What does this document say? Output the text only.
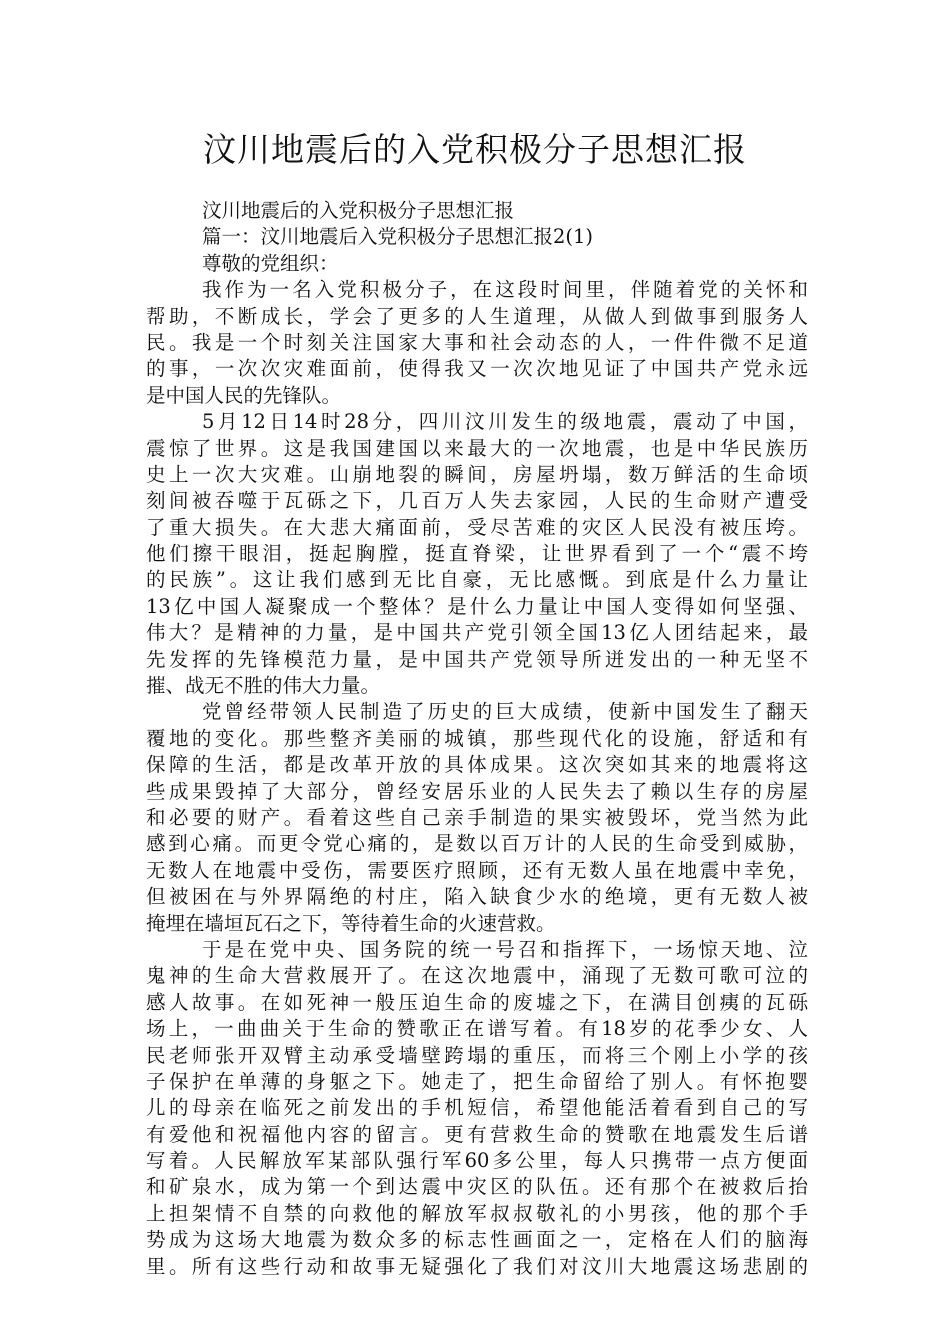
汶川地震后的入党积极分子思想汇报

汶川地震后的入党积极分子思想汇报

篇一：汶川地震后入党积极分子思想汇报2(1)

尊敬的党组织：

我作为一名入党积极分子，在这段时间里，伴随着党的关怀和

帮助，不断成长，学会了更多的人生道理，从做人到做事到服务人

民。我是一个时刻关注国家大事和社会动态的人，一件件微不足道

的事，一次次灾难面前，使得我又一次次地见证了中国共产党永远

是中国人民的先锋队。

5月12日14时28分，四川汶川发生的级地震，震动了中国，

震惊了世界。这是我国建国以来最大的一次地震，也是中华民族历

史上一次大灾难。山崩地裂的瞬间，房屋坍塌，数万鲜活的生命顷

刻间被吞噬于瓦砾之下，几百万人失去家园，人民的生命财产遭受

了重大损失。在大悲大痛面前，受尽苦难的灾区人民没有被压垮。

他们擦干眼泪，挺起胸膛，挺直脊梁，让世界看到了一个“震不垮

的民族”。这让我们感到无比自豪，无比感慨。到底是什么力量让

13亿中国人凝聚成一个整体？是什么力量让中国人变得如何坚强、

伟大？是精神的力量，是中国共产党引领全国13亿人团结起来，最

先发挥的先锋模范力量，是中国共产党领导所迸发出的一种无坚不

摧、战无不胜的伟大力量。

党曾经带领人民制造了历史的巨大成绩，使新中国发生了翻天

覆地的变化。那些整齐美丽的城镇，那些现代化的设施，舒适和有

保障的生活，都是改革开放的具体成果。这次突如其来的地震将这

些成果毁掉了大部分，曾经安居乐业的人民失去了赖以生存的房屋

和必要的财产。看着这些自己亲手制造的果实被毁坏，党当然为此

感到心痛。而更令党心痛的，是数以百万计的人民的生命受到威胁，

无数人在地震中受伤，需要医疗照顾，还有无数人虽在地震中幸免，

但被困在与外界隔绝的村庄，陷入缺食少水的绝境，更有无数人被

掩埋在墙垣瓦石之下，等待着生命的火速营救。

于是在党中央、国务院的统一号召和指挥下，一场惊天地、泣

鬼神的生命大营救展开了。在这次地震中，涌现了无数可歌可泣的

感人故事。在如死神一般压迫生命的废墟之下，在满目创痍的瓦砾

场上，一曲曲关于生命的赞歌正在谱写着。有18岁的花季少女、人

民老师张开双臂主动承受墙壁跨塌的重压，而将三个刚上小学的孩

子保护在单薄的身躯之下。她走了，把生命留给了别人。有怀抱婴

儿的母亲在临死之前发出的手机短信，希望他能活着看到自己的写

有爱他和祝福他内容的留言。更有营救生命的赞歌在地震发生后谱

写着。人民解放军某部队强行军60多公里，每人只携带一点方便面

和矿泉水，成为第一个到达震中灾区的队伍。还有那个在被救后抬

上担架情不自禁的向救他的解放军叔叔敬礼的小男孩，他的那个手

势成为这场大地震为数众多的标志性画面之一，定格在人们的脑海

里。所有这些行动和故事无疑强化了我们对汶川大地震这场悲剧的
